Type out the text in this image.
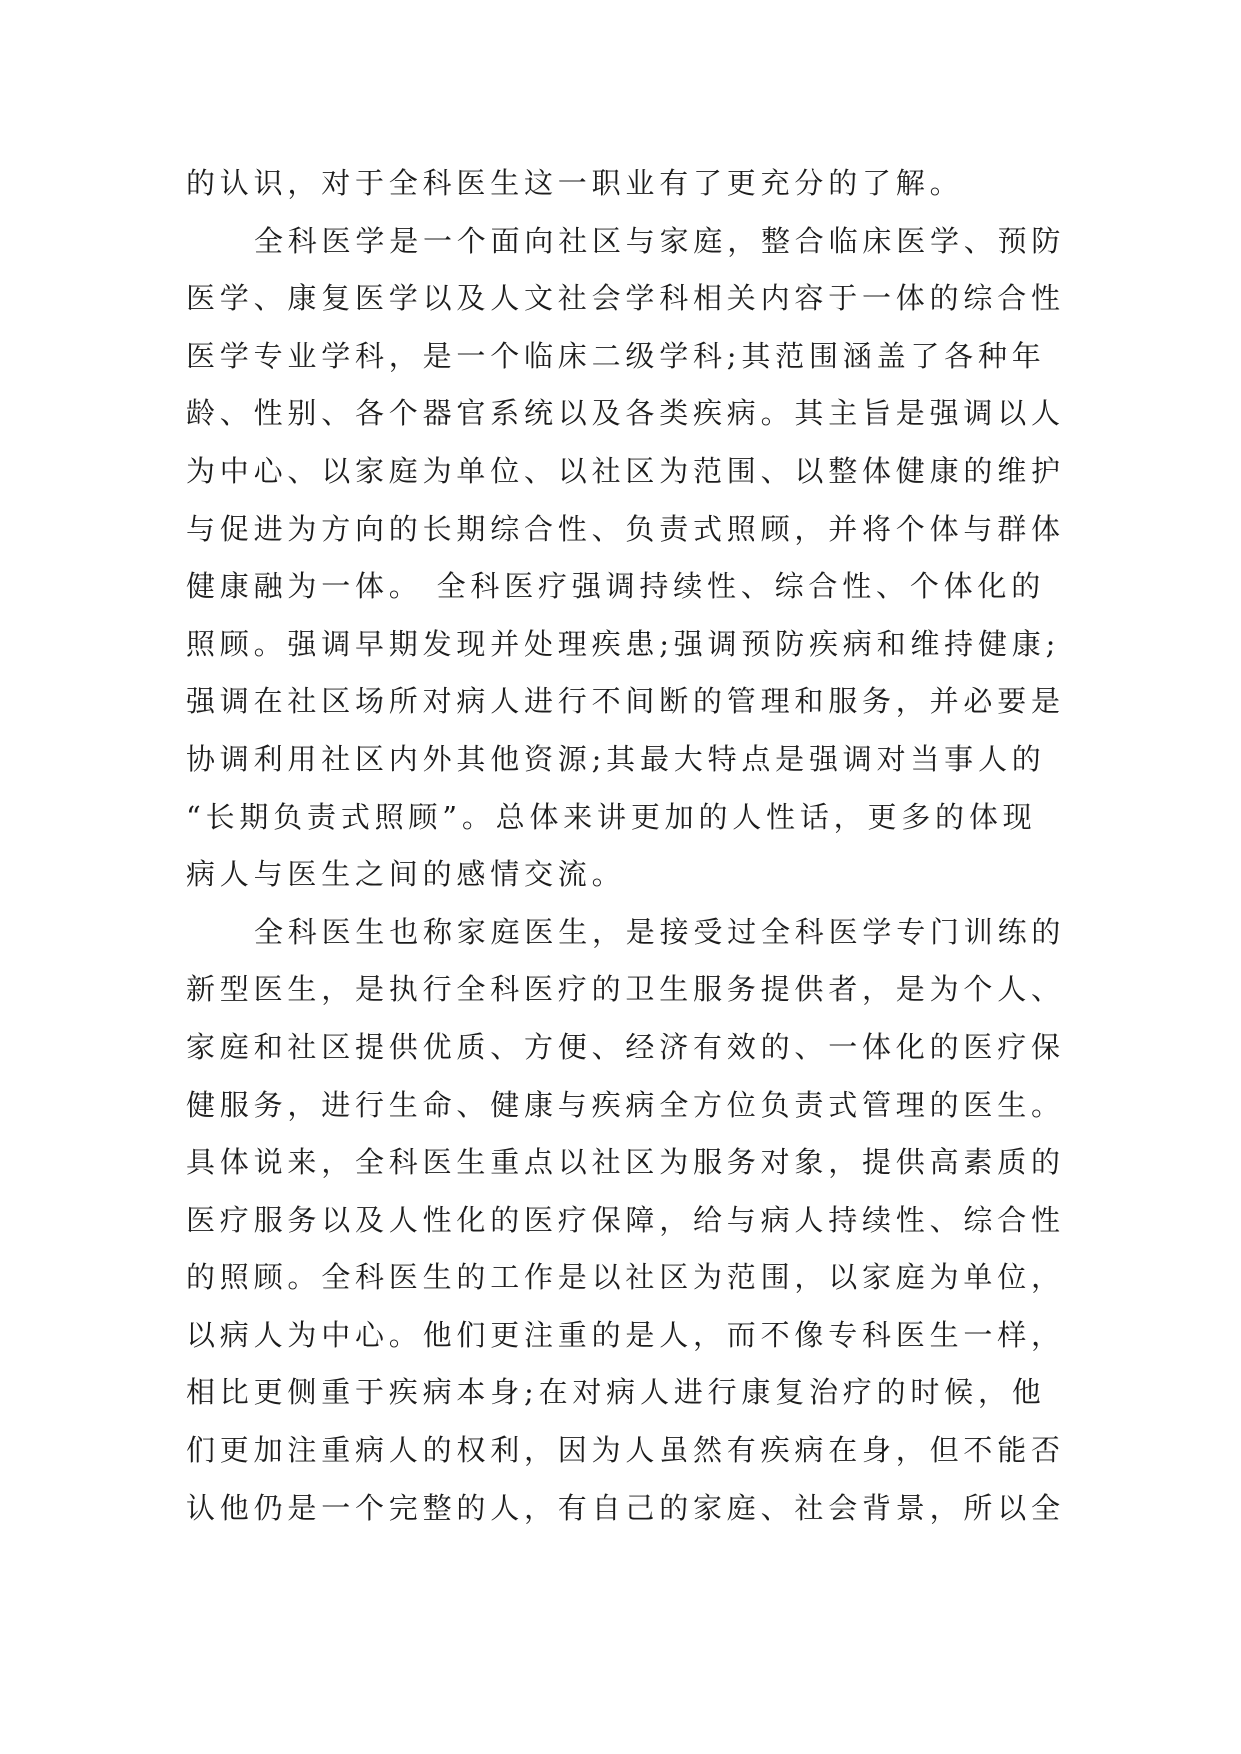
的认识，对于全科医生这一职业有了更充分的了解。
全科医学是一个面向社区与家庭，整合临床医学、预防
医学、康复医学以及人文社会学科相关内容于一体的综合性
医学专业学科，是一个临床二级学科;其范围涵盖了各种年
龄、性别、各个器官系统以及各类疾病。其主旨是强调以人
为中心、以家庭为单位、以社区为范围、以整体健康的维护
与促进为方向的长期综合性、负责式照顾，并将个体与群体
健康融为一体。 全科医疗强调持续性、综合性、个体化的
照顾。强调早期发现并处理疾患;强调预防疾病和维持健康;
强调在社区场所对病人进行不间断的管理和服务，并必要是
协调利用社区内外其他资源;其最大特点是强调对当事人的
“长期负责式照顾”。总体来讲更加的人性话，更多的体现
病人与医生之间的感情交流。
全科医生也称家庭医生，是接受过全科医学专门训练的
新型医生，是执行全科医疗的卫生服务提供者，是为个人、
家庭和社区提供优质、方便、经济有效的、一体化的医疗保
健服务，进行生命、健康与疾病全方位负责式管理的医生。
具体说来，全科医生重点以社区为服务对象，提供高素质的
医疗服务以及人性化的医疗保障，给与病人持续性、综合性
的照顾。全科医生的工作是以社区为范围，以家庭为单位，
以病人为中心。他们更注重的是人，而不像专科医生一样，
相比更侧重于疾病本身;在对病人进行康复治疗的时候，他
们更加注重病人的权利，因为人虽然有疾病在身，但不能否
认他仍是一个完整的人，有自己的家庭、社会背景，所以全
